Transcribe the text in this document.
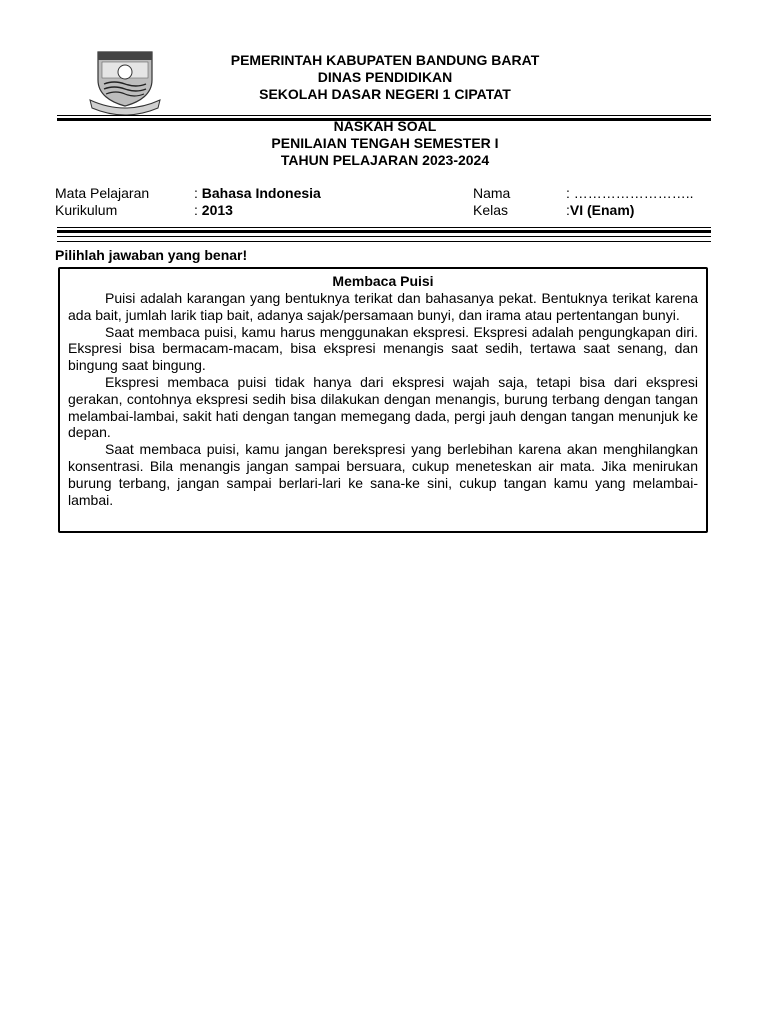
PEMERINTAH KABUPATEN BANDUNG BARAT
DINAS PENDIDIKAN
SEKOLAH DASAR NEGERI 1 CIPATAT
NASKAH SOAL
PENILAIAN TENGAH SEMESTER I
TAHUN PELAJARAN 2023-2024
Mata Pelajaran	: Bahasa Indonesia
Kurikulum	: 2013
Nama	: ……………………..
Kelas	:VI (Enam)
Pilihlah jawaban yang benar!
Membaca Puisi

Puisi adalah karangan yang bentuknya terikat dan bahasanya pekat. Bentuknya terikat karena ada bait, jumlah larik tiap bait, adanya sajak/persamaan bunyi, dan irama atau pertentangan bunyi.

Saat membaca puisi, kamu harus menggunakan ekspresi. Ekspresi adalah pengungkapan diri. Ekspresi bisa bermacam-macam, bisa ekspresi menangis saat sedih, tertawa saat senang, dan bingung saat bingung.

Ekspresi membaca puisi tidak hanya dari ekspresi wajah saja, tetapi bisa dari ekspresi gerakan, contohnya ekspresi sedih bisa dilakukan dengan menangis, burung terbang dengan tangan melambai-lambai, sakit hati dengan tangan memegang dada, pergi jauh dengan tangan menunjuk ke depan.

Saat membaca puisi, kamu jangan berekspresi yang berlebihan karena akan menghilangkan konsentrasi. Bila menangis jangan sampai bersuara, cukup meneteskan air mata. Jika menirukan burung terbang, jangan sampai berlari-lari ke sana-ke sini, cukup tangan kamu yang melambai-lambai.
